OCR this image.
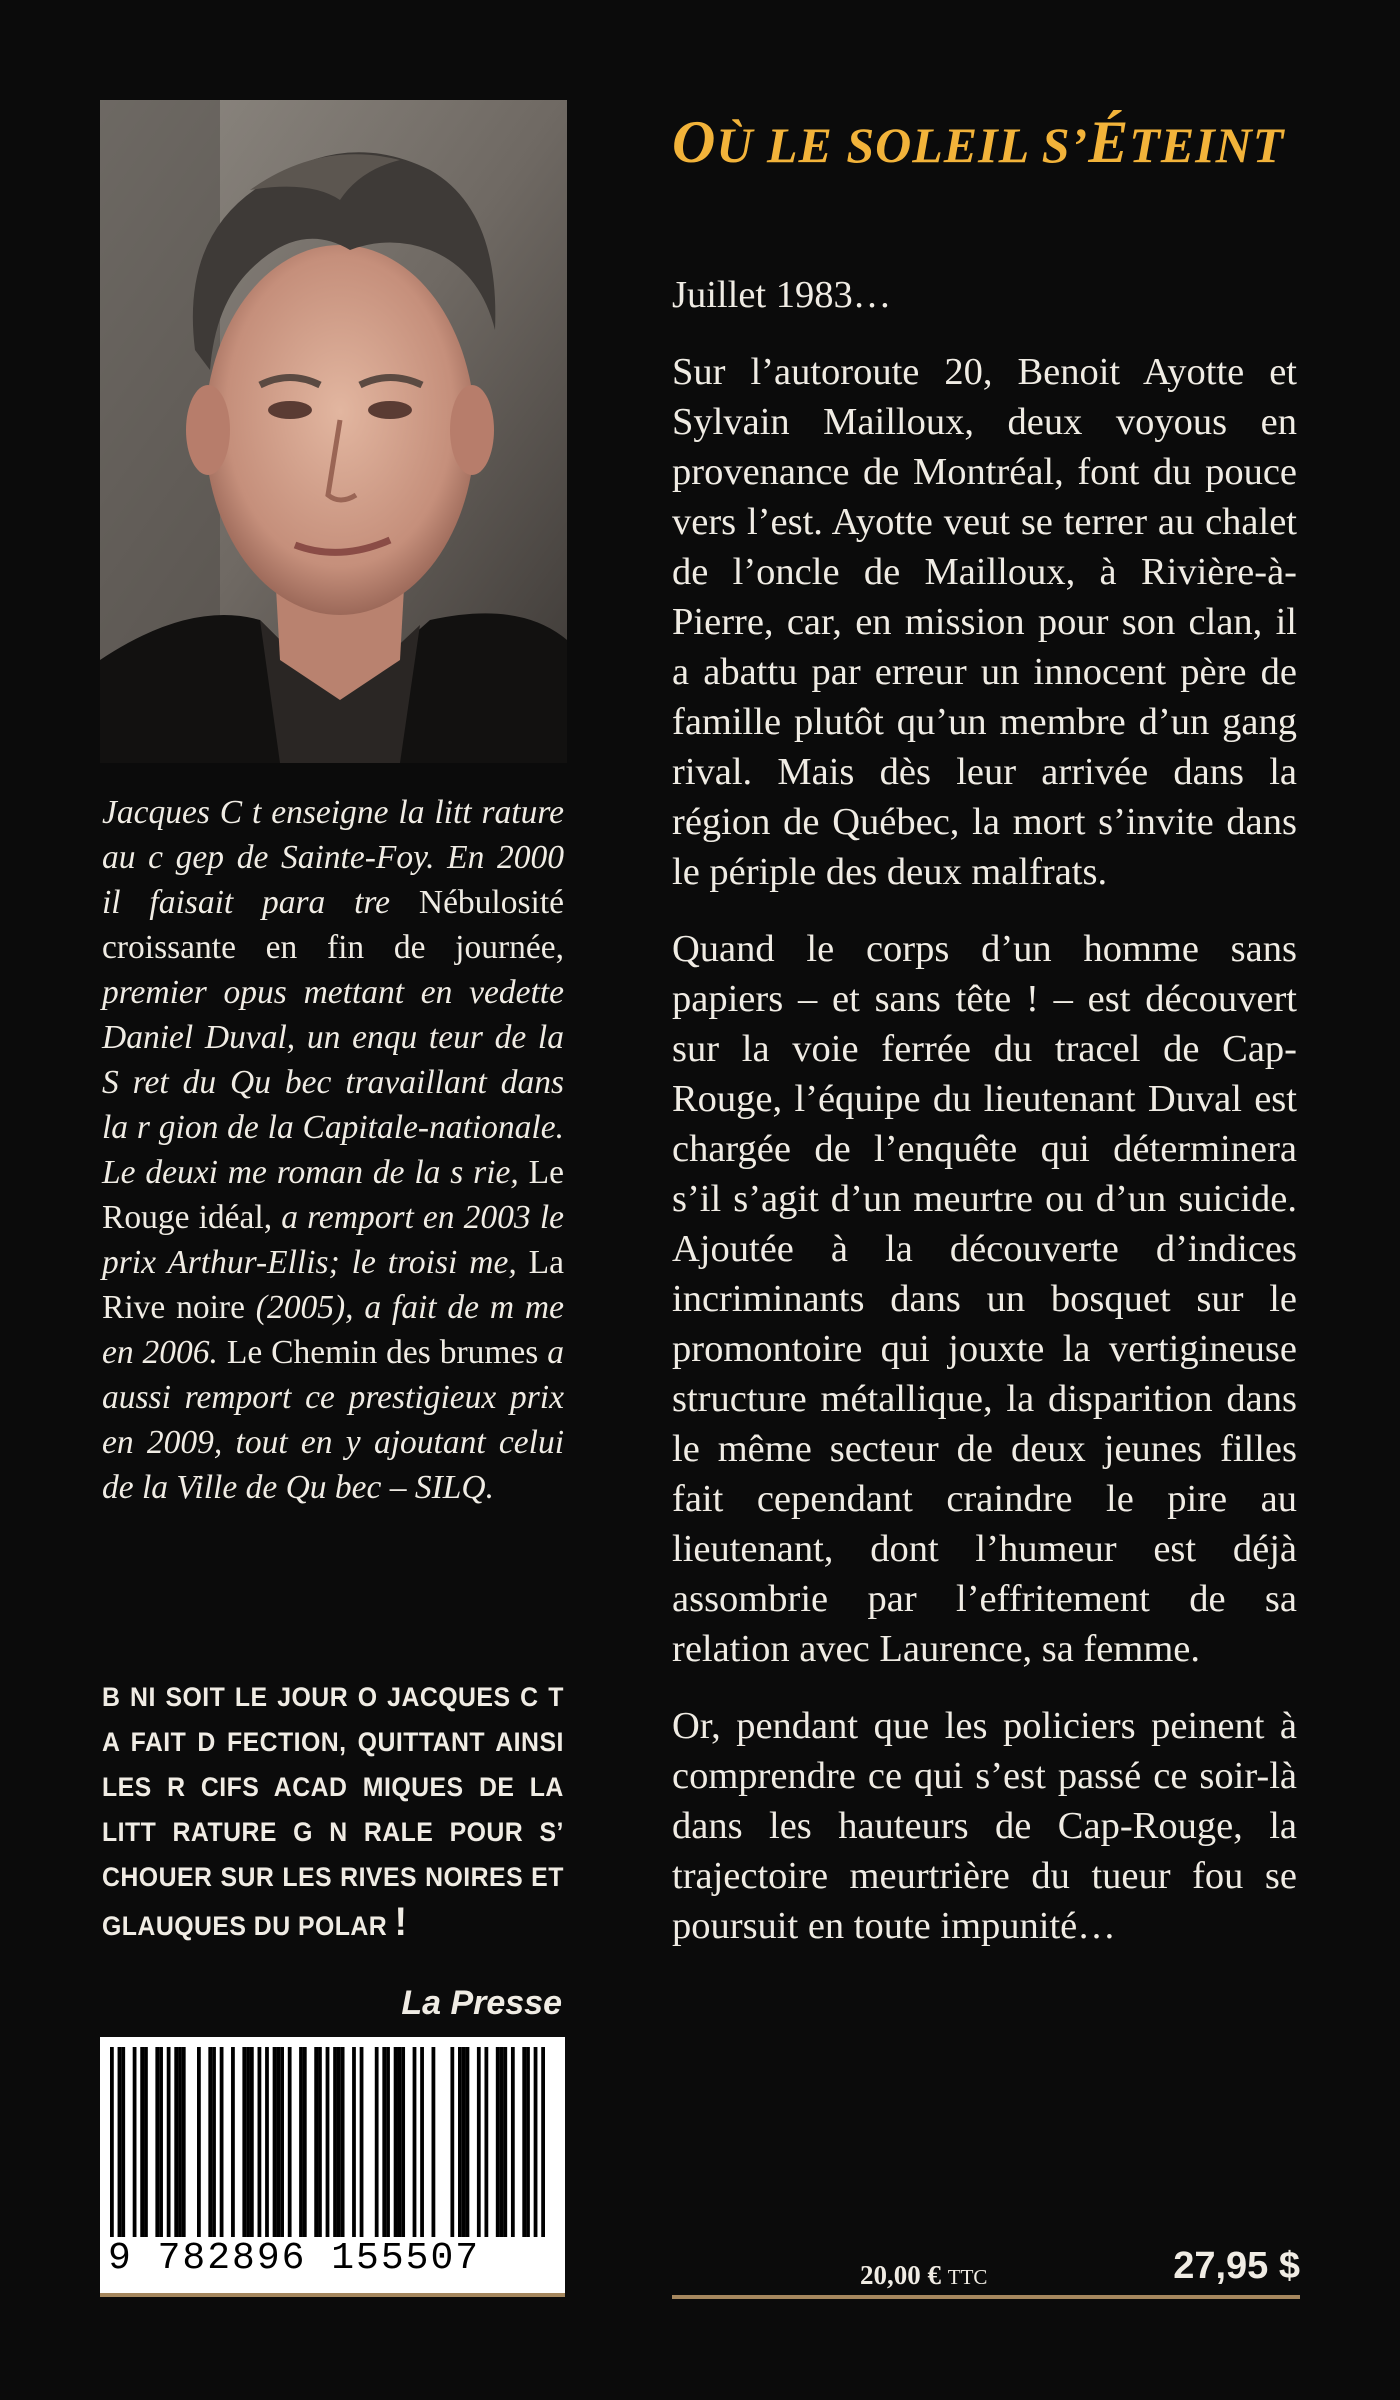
Jacques C t enseigne la litt rature au c gep de Sainte-Foy. En 2000 il faisait para tre Nébulosité croissante en fin de journée, premier opus mettant en vedette Daniel Duval, un enqu teur de la S ret du Qu bec travaillant dans la r gion de la Capitale-nationale. Le deuxi me roman de la s rie, Le Rouge idéal, a remport en 2003 le prix Arthur-Ellis; le troisi me, La Rive noire (2005), a fait de m me en 2006. Le Chemin des brumes a aussi remport ce prestigieux prix en 2009, tout en y ajoutant celui de la Ville de Qu bec – SILQ.

B NI SOIT LE JOUR O JACQUES C T A FAIT D FECTION, QUITTANT AINSI LES R CIFS ACAD MIQUES DE LA LITT RATURE G N RALE POUR S’ CHOUER SUR LES RIVES NOIRES ET GLAUQUES DU POLAR !

La Presse
9 782896 155507
OÙ LE SOLEIL S’ÉTEINT

Juillet 1983…

Sur l’autoroute 20, Benoit Ayotte et Sylvain Mailloux, deux voyous en provenance de Montréal, font du pouce vers l’est. Ayotte veut se terrer au chalet de l’oncle de Mailloux, à Rivière-à-Pierre, car, en mission pour son clan, il a abattu par erreur un innocent père de famille plutôt qu’un membre d’un gang rival. Mais dès leur arrivée dans la région de Québec, la mort s’invite dans le périple des deux malfrats.

Quand le corps d’un homme sans papiers – et sans tête ! – est découvert sur la voie ferrée du tracel de Cap-Rouge, l’équipe du lieutenant Duval est chargée de l’enquête qui déterminera s’il s’agit d’un meurtre ou d’un suicide. Ajoutée à la découverte d’indices incriminants dans un bosquet sur le promontoire qui jouxte la vertigineuse structure métallique, la disparition dans le même secteur de deux jeunes filles fait cependant craindre le pire au lieutenant, dont l’humeur est déjà assombrie par l’effritement de sa relation avec Laurence, sa femme.

Or, pendant que les policiers peinent à comprendre ce qui s’est passé ce soir-là dans les hauteurs de Cap-Rouge, la trajectoire meurtrière du tueur fou se poursuit en toute impunité…

20,00 € TTC	27,95 $
